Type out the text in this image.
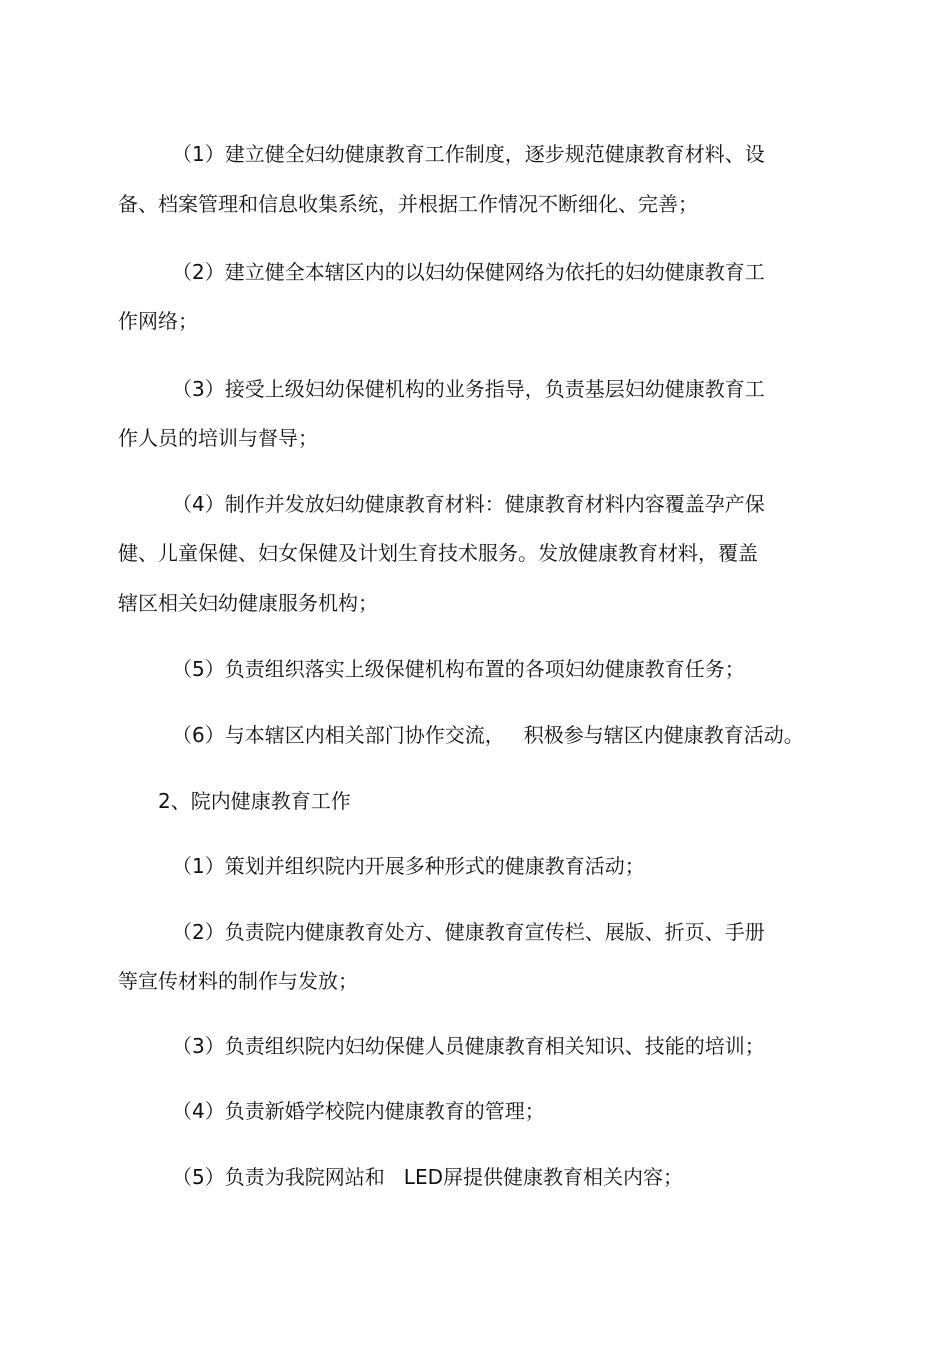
（1）建立健全妇幼健康教育工作制度，逐步规范健康教育材料、设
备、档案管理和信息收集系统，并根据工作情况不断细化、完善；
（2）建立健全本辖区内的以妇幼保健网络为依托的妇幼健康教育工
作网络；
（3）接受上级妇幼保健机构的业务指导，负责基层妇幼健康教育工
作人员的培训与督导；
（4）制作并发放妇幼健康教育材料：健康教育材料内容覆盖孕产保
健、儿童保健、妇女保健及计划生育技术服务。发放健康教育材料，覆盖
辖区相关妇幼健康服务机构；
（5）负责组织落实上级保健机构布置的各项妇幼健康教育任务；
（6）与本辖区内相关部门协作交流，   积极参与辖区内健康教育活动。
2、院内健康教育工作
（1）策划并组织院内开展多种形式的健康教育活动；
（2）负责院内健康教育处方、健康教育宣传栏、展版、折页、手册
等宣传材料的制作与发放；
（3）负责组织院内妇幼保健人员健康教育相关知识、技能的培训；
（4）负责新婚学校院内健康教育的管理；
（5）负责为我院网站和   LED屏提供健康教育相关内容；
